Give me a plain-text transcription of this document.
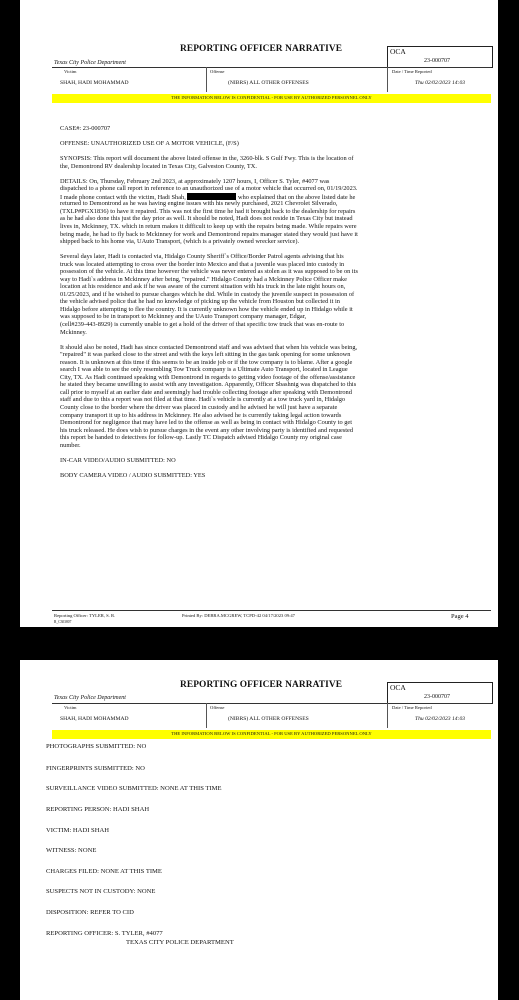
REPORTING OFFICER NARRATIVE	OCA
23-000707
Texas City Police Department
Victim	Offense	Date / Time Reported
SHAH, HADI MOHAMMAD	(NIBRS) ALL OTHER OFFENSES	Thu 02/02/2023 14:03
THE INFORMATION BELOW IS CONFIDENTIAL - FOR USE BY AUTHORIZED PERSONNEL ONLY

CASE#: 23-000707

OFFENSE: UNAUTHORIZED USE OF A MOTOR VEHICLE, (F/S)

SYNOPSIS: This report will document the above listed offense in the, 3260-blk. S Gulf Fwy. This is the location of
the, Demontrond RV dealership located in Texas City, Galveston County, TX.

DETAILS: On, Thursday, February 2nd 2023, at approximately 1207 hours, I, Officer S. Tyler, #4077 was
dispatched to a phone call report in reference to an unauthorized use of a motor vehicle that occurred on, 01/19/2023.
I made phone contact with the victim, Hadi Shah,	who explained that on the above listed date he
returned to Demontrond as he was having engine issues with his newly purchased, 2021 Chevrolet Silverado,
(TXLP#PGX1836) to have it repaired. This was not the first time he had it brought back to the dealership for repairs
as he had also done this just the day prior as well. It should be noted, Hadi does not reside in Texas City but instead
lives in, Mckinney, TX. which in return makes it difficult to keep up with the repairs being made. While repairs were
being made, he had to fly back to Mckinney for work and Demontrond repairs manager stated they would just have it
shipped back to his home via, UAuto Transport, (which is a privately owned wrecker service).

Several days later, Hadi is contacted via, Hidalgo County Sheriff`s Office/Border Patrol agents advising that his
truck was located attempting to cross over the border into Mexico and that a juvenile was placed into custody in
possession of the vehicle. At this time however the vehicle was never entered as stolen as it was supposed to be on its
way to Hadi`s address in Mckinney after being, "repaired." Hidalgo County had a Mckinney Police Officer make
location at his residence and ask if he was aware of the current situation with his truck in the late night hours on,
01/25/2023, and if he wished to pursue charges which he did. While in custody the juvenile suspect in possession of
the vehicle advised police that he had no knowledge of picking up the vehicle from Houston but collected it in
Hidalgo before attempting to flee the country. It is currently unknown how the vehicle ended up in Hidalgo while it
was supposed to be in transport to Mckinney and the UAuto Transport company manager, Edgar,
(cell#239-443-8929) is currently unable to get a hold of the driver of that specific tow truck that was en-route to
Mckinney.

It should also be noted, Hadi has since contacted Demontrond staff and was advised that when his vehicle was being,
"repaired" it was parked close to the street and with the keys left sitting in the gas tank opening for some unknown
reason. It is unknown at this time if this seems to be an inside job or if the tow company is to blame. After a google
search I was able to see the only resembling Tow Truck company is a Ultimate Auto Transport, located in League
City, TX. As Hadi continued speaking with Demontrond in regards to getting video footage of the offense/assistance
he stated they became unwilling to assist with any investigation. Apparently, Officer Sbashnig was dispatched to this
call prior to myself at an earlier date and seemingly had trouble collecting footage after speaking with Demontrond
staff and due to this a report was not filed at that time. Hadi`s vehicle is currently at a tow truck yard in, Hidalgo
County close to the border where the driver was placed in custody and he advised he will just have a separate
company transport it up to his address in Mckinney. He also advised he is currently taking legal action towards
Demontrond for negligence that may have led to the offense as well as being in contact with Hidalgo County to get
his truck released. He does wish to pursue charges in the event any other involving party is identified and requested
this report be handed to detectives for follow-up. Lastly TC Dispatch advised Hidalgo County my original case
number.

IN-CAR VIDEO/AUDIO SUBMITTED: NO

BODY CAMERA VIDEO / AUDIO SUBMITTED: YES

Reporting Officer: TYLER, S. R.
R_C303807
Printed By: DEBRA.MCGREW, TCPD-42 04/17/2023 09:47	Page 4
REPORTING OFFICER NARRATIVE	OCA
23-000707
Texas City Police Department
Victim	Offense	Date / Time Reported
SHAH, HADI MOHAMMAD	(NIBRS) ALL OTHER OFFENSES	Thu 02/02/2023 14:03
THE INFORMATION BELOW IS CONFIDENTIAL - FOR USE BY AUTHORIZED PERSONNEL ONLY
PHOTOGRAPHS SUBMITTED: NO
FINGERPRINTS SUBMITTED: NO
SURVEILLANCE VIDEO SUBMITTED: NONE AT THIS TIME
REPORTING PERSON: HADI SHAH
VICTIM: HADI SHAH
WITNESS: NONE
CHARGES FILED: NONE AT THIS TIME
SUSPECTS NOT IN CUSTODY: NONE
DISPOSITION: REFER TO CID
REPORTING OFFICER: S. TYLER, #4077
TEXAS CITY POLICE DEPARTMENT
